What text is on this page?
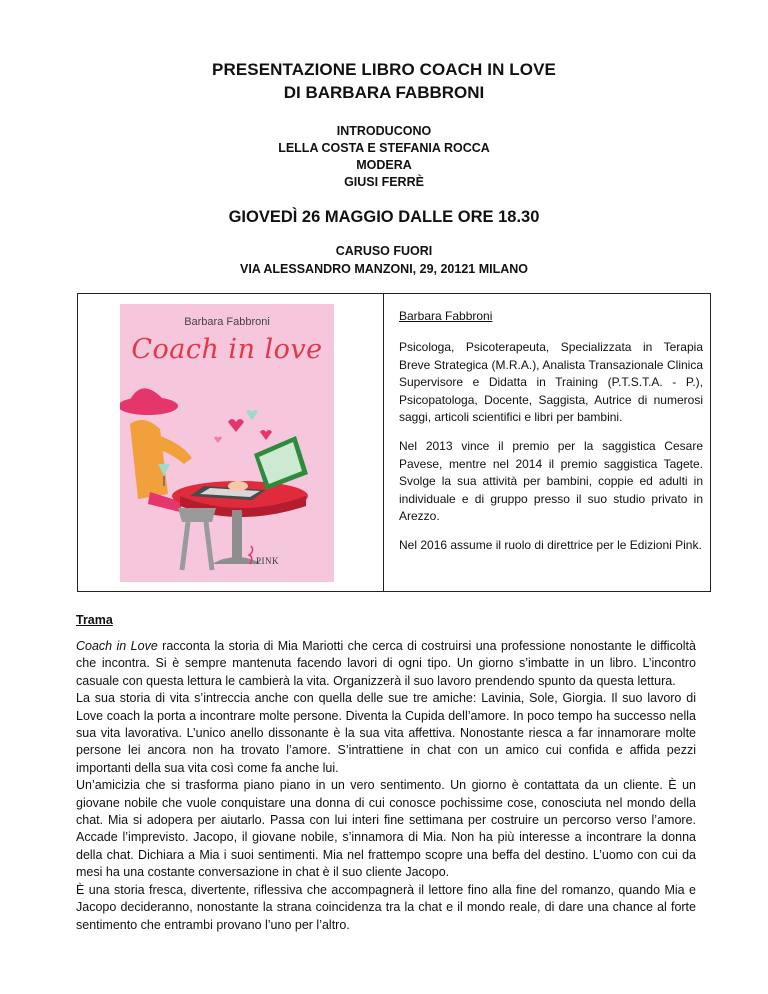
PRESENTAZIONE LIBRO COACH IN LOVE
DI BARBARA FABBRONI
INTRODUCONO
LELLA COSTA E STEFANIA ROCCA
MODERA
GIUSI FERRÈ
GIOVEDÌ 26 MAGGIO DALLE ORE 18.30
CARUSO FUORI
VIA ALESSANDRO MANZONI, 29, 20121 MILANO
Barbara Fabbroni
Coach in love
PINK
Barbara Fabbroni

Psicologa, Psicoterapeuta, Specializzata in Terapia Breve Strategica (M.R.A.), Analista Transazionale Clinica Supervisore e Didatta in Training (P.T.S.T.A. - P.), Psicopatologa, Docente, Saggista, Autrice di numerosi saggi, articoli scientifici e libri per bambini.

Nel 2013 vince il premio per la saggistica Cesare Pavese, mentre nel 2014 il premio saggistica Tagete. Svolge la sua attività per bambini, coppie ed adulti in individuale e di gruppo presso il suo studio privato in Arezzo.

Nel 2016 assume il ruolo di direttrice per le Edizioni Pink.

Trama

Coach in Love racconta la storia di Mia Mariotti che cerca di costruirsi una professione nonostante le difficoltà che incontra. Si è sempre mantenuta facendo lavori di ogni tipo. Un giorno s’imbatte in un libro. L’incontro casuale con questa lettura le cambierà la vita. Organizzerà il suo lavoro prendendo spunto da questa lettura.

La sua storia di vita s’intreccia anche con quella delle sue tre amiche: Lavinia, Sole, Giorgia. Il suo lavoro di Love coach la porta a incontrare molte persone. Diventa la Cupida dell’amore. In poco tempo ha successo nella sua vita lavorativa. L’unico anello dissonante è la sua vita affettiva. Nonostante riesca a far innamorare molte persone lei ancora non ha trovato l’amore. S’intrattiene in chat con un amico cui confida e affida pezzi importanti della sua vita così come fa anche lui.

Un’amicizia che si trasforma piano piano in un vero sentimento. Un giorno è contattata da un cliente. È un giovane nobile che vuole conquistare una donna di cui conosce pochissime cose, conosciuta nel mondo della chat. Mia si adopera per aiutarlo. Passa con lui interi fine settimana per costruire un percorso verso l’amore. Accade l’imprevisto. Jacopo, il giovane nobile, s’innamora di Mia. Non ha più interesse a incontrare la donna della chat. Dichiara a Mia i suoi sentimenti. Mia nel frattempo scopre una beffa del destino. L’uomo con cui da mesi ha una costante conversazione in chat è il suo cliente Jacopo.

È una storia fresca, divertente, riflessiva che accompagnerà il lettore fino alla fine del romanzo, quando Mia e Jacopo decideranno, nonostante la strana coincidenza tra la chat e il mondo reale, di dare una chance al forte sentimento che entrambi provano l’uno per l’altro.
